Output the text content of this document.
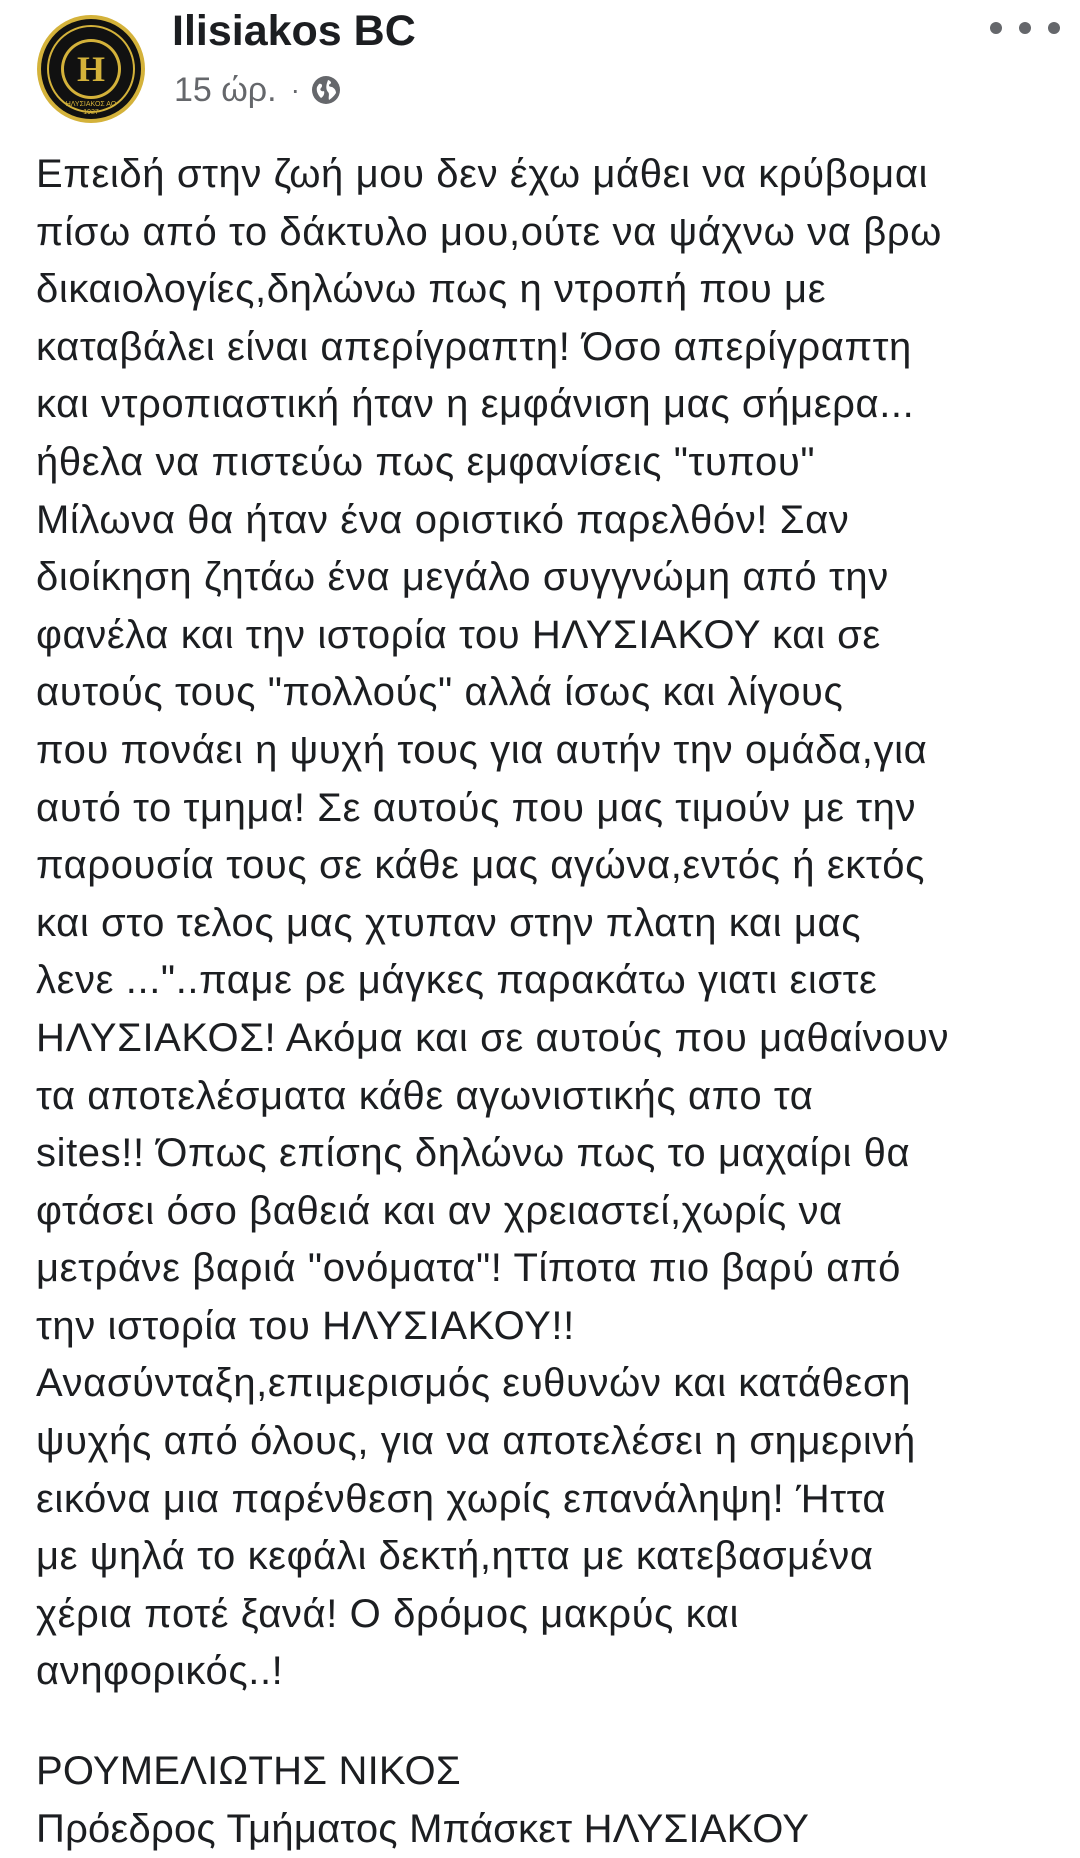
H
ΗΛΥΣΙΑΚΟΣ ΑΟ
1927
Ilisiakos BC
15 ώρ. ·
Επειδή στην ζωή μου δεν έχω μάθει να κρύβομαι
πίσω από το δάκτυλο μου,ούτε να ψάχνω να βρω
δικαιολογίες,δηλώνω πως η ντροπή που με
καταβάλει είναι απερίγραπτη! Όσο απερίγραπτη
και ντροπιαστική ήταν η εμφάνιση μας σήμερα...
ήθελα να πιστεύω πως εμφανίσεις "τυπου"
Μίλωνα θα ήταν ένα οριστικό παρελθόν! Σαν
διοίκηση ζητάω ένα μεγάλο συγγνώμη από την
φανέλα και την ιστορία του ΗΛΥΣΙΑΚΟΥ και σε
αυτούς τους "πολλούς" αλλά ίσως και λίγους
που πονάει η ψυχή τους για αυτήν την ομάδα,για
αυτό το τμημα! Σε αυτούς που μας τιμούν με την
παρουσία τους σε κάθε μας αγώνα,εντός ή εκτός
και στο τελος μας χτυπαν στην πλατη και μας
λενε ..."..παμε ρε μάγκες παρακάτω γιατι ειστε
ΗΛΥΣΙΑΚΟΣ! Ακόμα και σε αυτούς που μαθαίνουν
τα αποτελέσματα κάθε αγωνιστικής απο τα
sites!! Όπως επίσης δηλώνω πως το μαχαίρι θα
φτάσει όσο βαθειά και αν χρειαστεί,χωρίς να
μετράνε βαριά "ονόματα"! Τίποτα πιο βαρύ από
την ιστορία του ΗΛΥΣΙΑΚΟΥ!!
Ανασύνταξη,επιμερισμός ευθυνών και κατάθεση
ψυχής από όλους, για να αποτελέσει η σημερινή
εικόνα μια παρένθεση χωρίς επανάληψη! Ήττα
με ψηλά το κεφάλι δεκτή,ηττα με κατεβασμένα
χέρια ποτέ ξανά! Ο δρόμος μακρύς και
ανηφορικός..!
ΡΟΥΜΕΛΙΩΤΗΣ ΝΙΚΟΣ
Πρόεδρος Τμήματος Μπάσκετ ΗΛΥΣΙΑΚΟΥ
